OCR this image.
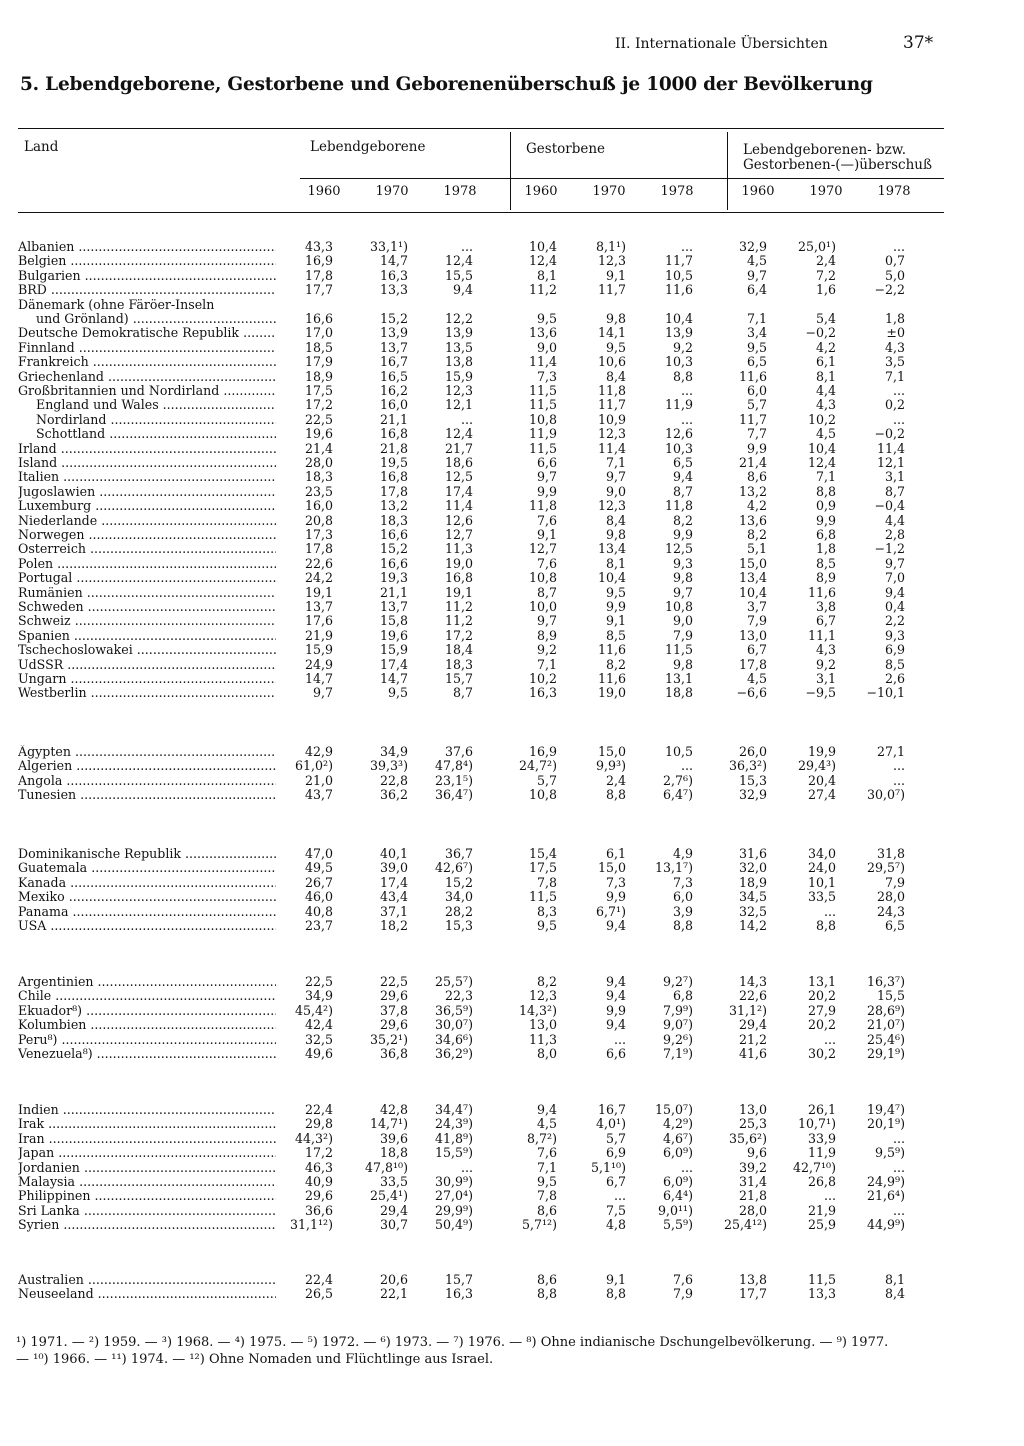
II. Internationale Übersichten	37*
5. Lebendgeborene, Gestorbene und Geborenenüberschuß je 1000 der Bevölkerung
Land	Lebendgeborene	Gestorbene	Lebendgeborenen- bzw.
Gestorbenen-(—)überschuß
1960	1970	1978	1960	1970	1978	1960	1970	1978
Albanien .....	43,3	33,1¹)	...	10,4	8,1¹)	...	32,9	25,0¹)	...
Belgien .....	16,9	14,7	12,4	12,4	12,3	11,7	4,5	2,4	0,7
Bulgarien .....	17,8	16,3	15,5	8,1	9,1	10,5	9,7	7,2	5,0
BRD .....	17,7	13,3	9,4	11,2	11,7	11,6	6,4	1,6	−2,2
Dänemark (ohne Färöer-Inseln
und Grönland) .....	16,6	15,2	12,2	9,5	9,8	10,4	7,1	5,4	1,8
Deutsche Demokratische Republik .....	17,0	13,9	13,9	13,6	14,1	13,9	3,4	−0,2	±0
Finnland .....	18,5	13,7	13,5	9,0	9,5	9,2	9,5	4,2	4,3
Frankreich .....	17,9	16,7	13,8	11,4	10,6	10,3	6,5	6,1	3,5
Griechenland .....	18,9	16,5	15,9	7,3	8,4	8,8	11,6	8,1	7,1
Großbritannien und Nordirland .....	17,5	16,2	12,3	11,5	11,8	...	6,0	4,4	...
England und Wales .....	17,2	16,0	12,1	11,5	11,7	11,9	5,7	4,3	0,2
Nordirland .....	22,5	21,1	...	10,8	10,9	...	11,7	10,2	...
Schottland .....	19,6	16,8	12,4	11,9	12,3	12,6	7,7	4,5	−0,2
Irland .....	21,4	21,8	21,7	11,5	11,4	10,3	9,9	10,4	11,4
Island .....	28,0	19,5	18,6	6,6	7,1	6,5	21,4	12,4	12,1
Italien .....	18,3	16,8	12,5	9,7	9,7	9,4	8,6	7,1	3,1
Jugoslawien .....	23,5	17,8	17,4	9,9	9,0	8,7	13,2	8,8	8,7
Luxemburg .....	16,0	13,2	11,4	11,8	12,3	11,8	4,2	0,9	−0,4
Niederlande .....	20,8	18,3	12,6	7,6	8,4	8,2	13,6	9,9	4,4
Norwegen .....	17,3	16,6	12,7	9,1	9,8	9,9	8,2	6,8	2,8
Österreich .....	17,8	15,2	11,3	12,7	13,4	12,5	5,1	1,8	−1,2
Polen .....	22,6	16,6	19,0	7,6	8,1	9,3	15,0	8,5	9,7
Portugal .....	24,2	19,3	16,8	10,8	10,4	9,8	13,4	8,9	7,0
Rumänien .....	19,1	21,1	19,1	8,7	9,5	9,7	10,4	11,6	9,4
Schweden .....	13,7	13,7	11,2	10,0	9,9	10,8	3,7	3,8	0,4
Schweiz .....	17,6	15,8	11,2	9,7	9,1	9,0	7,9	6,7	2,2
Spanien .....	21,9	19,6	17,2	8,9	8,5	7,9	13,0	11,1	9,3
Tschechoslowakei .....	15,9	15,9	18,4	9,2	11,6	11,5	6,7	4,3	6,9
UdSSR .....	24,9	17,4	18,3	7,1	8,2	9,8	17,8	9,2	8,5
Ungarn .....	14,7	14,7	15,7	10,2	11,6	13,1	4,5	3,1	2,6
Westberlin .....	9,7	9,5	8,7	16,3	19,0	18,8	−6,6	−9,5	−10,1
Ägypten .....	42,9	34,9	37,6	16,9	15,0	10,5	26,0	19,9	27,1
Algerien .....	61,0²)	39,3³)	47,8⁴)	24,7²)	9,9³)	...	36,3²)	29,4³)	...
Angola .....	21,0	22,8	23,1⁵)	5,7	2,4	2,7⁶)	15,3	20,4	...
Tunesien .....	43,7	36,2	36,4⁷)	10,8	8,8	6,4⁷)	32,9	27,4	30,0⁷)
Dominikanische Republik .....	47,0	40,1	36,7	15,4	6,1	4,9	31,6	34,0	31,8
Guatemala .....	49,5	39,0	42,6⁷)	17,5	15,0	13,1⁷)	32,0	24,0	29,5⁷)
Kanada .....	26,7	17,4	15,2	7,8	7,3	7,3	18,9	10,1	7,9
Mexiko .....	46,0	43,4	34,0	11,5	9,9	6,0	34,5	33,5	28,0
Panama .....	40,8	37,1	28,2	8,3	6,7¹)	3,9	32,5	...	24,3
USA .....	23,7	18,2	15,3	9,5	9,4	8,8	14,2	8,8	6,5
Argentinien .....	22,5	22,5	25,5⁷)	8,2	9,4	9,2⁷)	14,3	13,1	16,3⁷)
Chile .....	34,9	29,6	22,3	12,3	9,4	6,8	22,6	20,2	15,5
Ekuador⁸) .....	45,4²)	37,8	36,5⁹)	14,3²)	9,9	7,9⁹)	31,1²)	27,9	28,6⁹)
Kolumbien .....	42,4	29,6	30,0⁷)	13,0	9,4	9,0⁷)	29,4	20,2	21,0⁷)
Peru⁸) .....	32,5	35,2¹)	34,6⁶)	11,3	...	9,2⁶)	21,2	...	25,4⁶)
Venezuela⁸) .....	49,6	36,8	36,2⁹)	8,0	6,6	7,1⁹)	41,6	30,2	29,1⁹)
Indien .....	22,4	42,8	34,4⁷)	9,4	16,7	15,0⁷)	13,0	26,1	19,4⁷)
Irak .....	29,8	14,7¹)	24,3⁹)	4,5	4,0¹)	4,2⁹)	25,3	10,7¹)	20,1⁹)
Iran .....	44,3²)	39,6	41,8⁹)	8,7²)	5,7	4,6⁷)	35,6²)	33,9	...
Japan .....	17,2	18,8	15,5⁹)	7,6	6,9	6,0⁹)	9,6	11,9	9,5⁹)
Jordanien .....	46,3	47,8¹⁰)	...	7,1	5,1¹⁰)	...	39,2	42,7¹⁰)	...
Malaysia .....	40,9	33,5	30,9⁹)	9,5	6,7	6,0⁹)	31,4	26,8	24,9⁹)
Philippinen .....	29,6	25,4¹)	27,0⁴)	7,8	...	6,4⁴)	21,8	...	21,6⁴)
Sri Lanka .....	36,6	29,4	29,9⁹)	8,6	7,5	9,0¹¹)	28,0	21,9	...
Syrien .....	31,1¹²)	30,7	50,4⁹)	5,7¹²)	4,8	5,5⁹)	25,4¹²)	25,9	44,9⁹)
Australien .....	22,4	20,6	15,7	8,6	9,1	7,6	13,8	11,5	8,1
Neuseeland .....	26,5	22,1	16,3	8,8	8,8	7,9	17,7	13,3	8,4
¹) 1971. — ²) 1959. — ³) 1968. — ⁴) 1975. — ⁵) 1972. — ⁶) 1973. — ⁷) 1976. — ⁸) Ohne indianische Dschungelbevölkerung. — ⁹) 1977.
— ¹⁰) 1966. — ¹¹) 1974. — ¹²) Ohne Nomaden und Flüchtlinge aus Israel.
